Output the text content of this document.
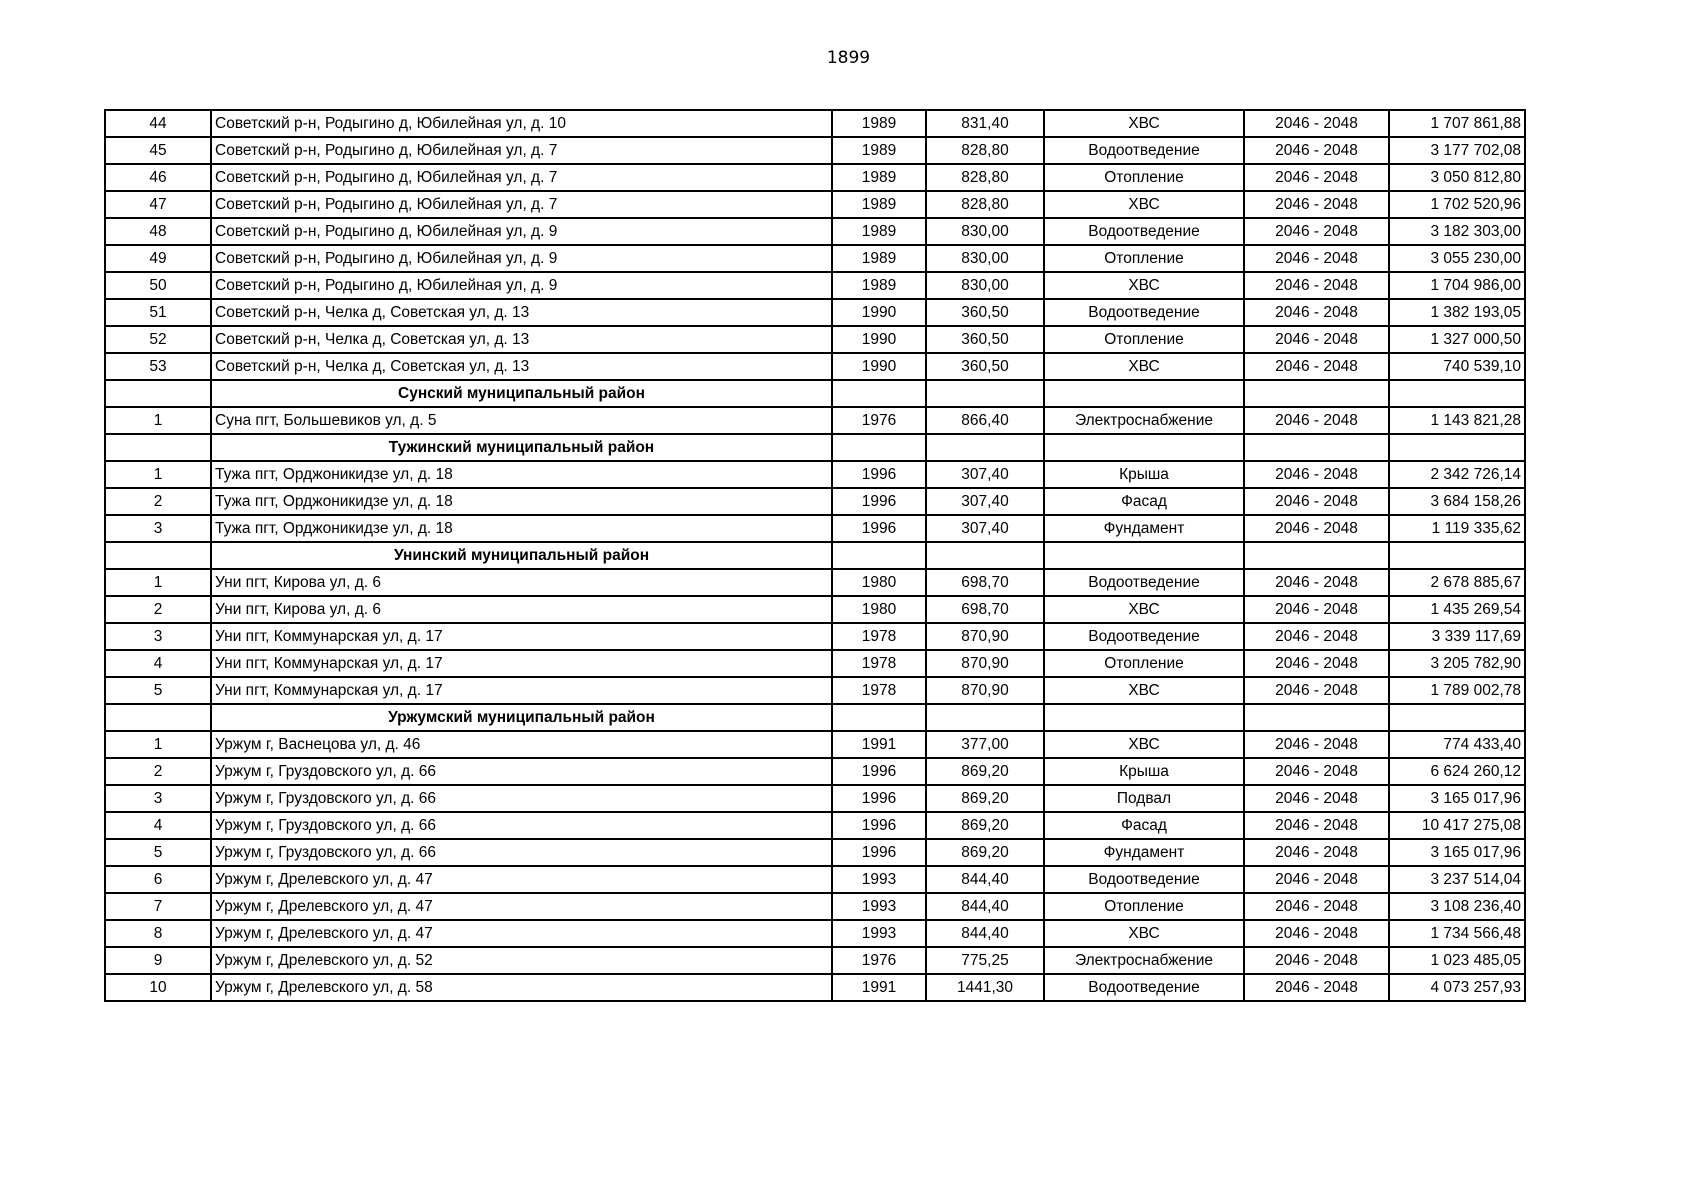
1899
44	Советский р-н, Родыгино д, Юбилейная ул, д. 10	1989	831,40	ХВС	2046 - 2048	1 707 861,88
45	Советский р-н, Родыгино д, Юбилейная ул, д. 7	1989	828,80	Водоотведение	2046 - 2048	3 177 702,08
46	Советский р-н, Родыгино д, Юбилейная ул, д. 7	1989	828,80	Отопление	2046 - 2048	3 050 812,80
47	Советский р-н, Родыгино д, Юбилейная ул, д. 7	1989	828,80	ХВС	2046 - 2048	1 702 520,96
48	Советский р-н, Родыгино д, Юбилейная ул, д. 9	1989	830,00	Водоотведение	2046 - 2048	3 182 303,00
49	Советский р-н, Родыгино д, Юбилейная ул, д. 9	1989	830,00	Отопление	2046 - 2048	3 055 230,00
50	Советский р-н, Родыгино д, Юбилейная ул, д. 9	1989	830,00	ХВС	2046 - 2048	1 704 986,00
51	Советский р-н, Челка д, Советская ул, д. 13	1990	360,50	Водоотведение	2046 - 2048	1 382 193,05
52	Советский р-н, Челка д, Советская ул, д. 13	1990	360,50	Отопление	2046 - 2048	1 327 000,50
53	Советский р-н, Челка д, Советская ул, д. 13	1990	360,50	ХВС	2046 - 2048	740 539,10
	Сунский муниципальный район					
1	Суна пгт, Большевиков ул, д. 5	1976	866,40	Электроснабжение	2046 - 2048	1 143 821,28
	Тужинский муниципальный район					
1	Тужа пгт, Орджоникидзе ул, д. 18	1996	307,40	Крыша	2046 - 2048	2 342 726,14
2	Тужа пгт, Орджоникидзе ул, д. 18	1996	307,40	Фасад	2046 - 2048	3 684 158,26
3	Тужа пгт, Орджоникидзе ул, д. 18	1996	307,40	Фундамент	2046 - 2048	1 119 335,62
	Унинский муниципальный район					
1	Уни пгт, Кирова ул, д. 6	1980	698,70	Водоотведение	2046 - 2048	2 678 885,67
2	Уни пгт, Кирова ул, д. 6	1980	698,70	ХВС	2046 - 2048	1 435 269,54
3	Уни пгт, Коммунарская ул, д. 17	1978	870,90	Водоотведение	2046 - 2048	3 339 117,69
4	Уни пгт, Коммунарская ул, д. 17	1978	870,90	Отопление	2046 - 2048	3 205 782,90
5	Уни пгт, Коммунарская ул, д. 17	1978	870,90	ХВС	2046 - 2048	1 789 002,78
	Уржумский муниципальный район					
1	Уржум г, Васнецова ул, д. 46	1991	377,00	ХВС	2046 - 2048	774 433,40
2	Уржум г, Груздовского ул, д. 66	1996	869,20	Крыша	2046 - 2048	6 624 260,12
3	Уржум г, Груздовского ул, д. 66	1996	869,20	Подвал	2046 - 2048	3 165 017,96
4	Уржум г, Груздовского ул, д. 66	1996	869,20	Фасад	2046 - 2048	10 417 275,08
5	Уржум г, Груздовского ул, д. 66	1996	869,20	Фундамент	2046 - 2048	3 165 017,96
6	Уржум г, Дрелевского ул, д. 47	1993	844,40	Водоотведение	2046 - 2048	3 237 514,04
7	Уржум г, Дрелевского ул, д. 47	1993	844,40	Отопление	2046 - 2048	3 108 236,40
8	Уржум г, Дрелевского ул, д. 47	1993	844,40	ХВС	2046 - 2048	1 734 566,48
9	Уржум г, Дрелевского ул, д. 52	1976	775,25	Электроснабжение	2046 - 2048	1 023 485,05
10	Уржум г, Дрелевского ул, д. 58	1991	1441,30	Водоотведение	2046 - 2048	4 073 257,93
